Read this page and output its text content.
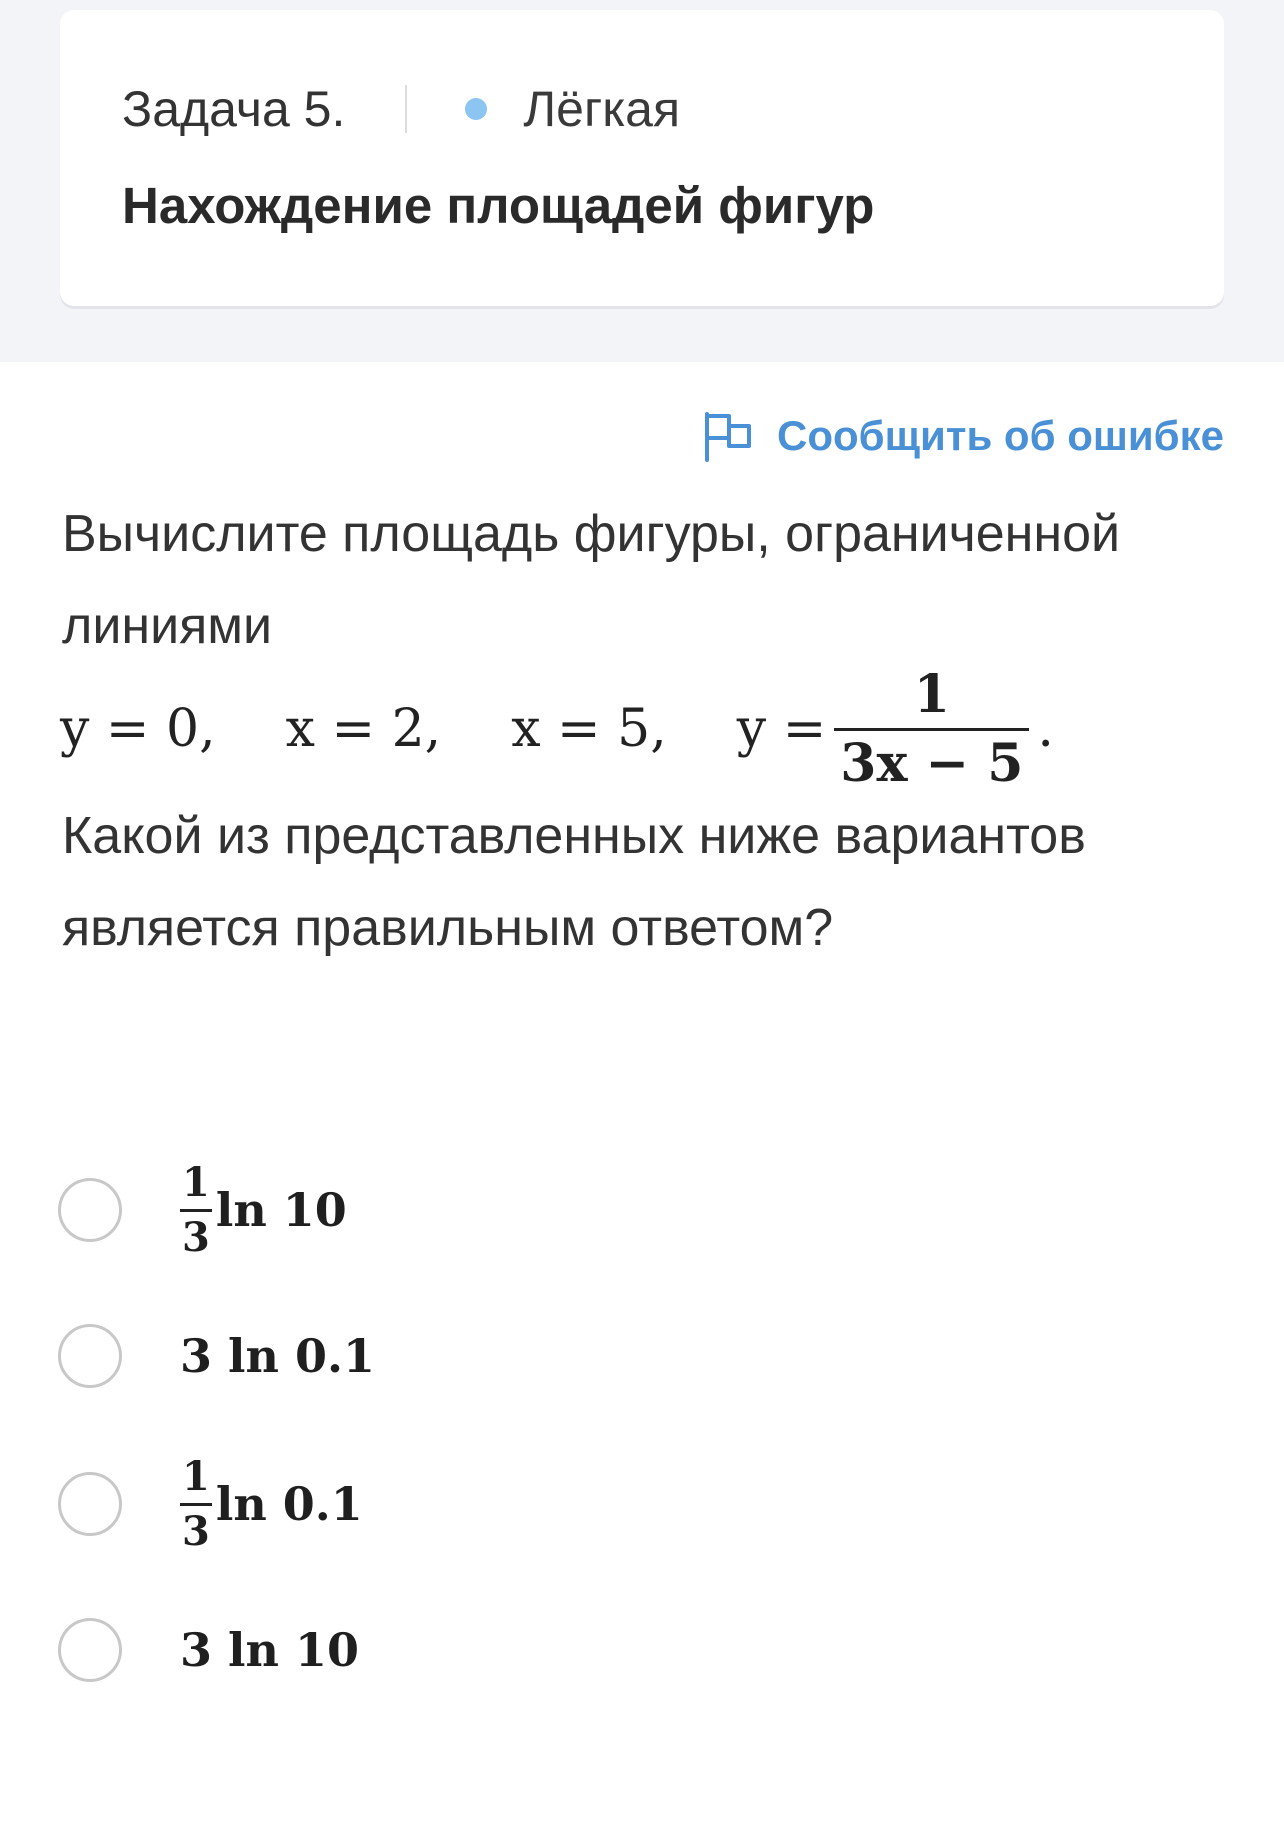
Задача 5.	Лёгкая
Нахождение площадей фигур
Сообщить об ошибке
Вычислите площадь фигуры, ограниченной линиями
y = 0, x = 2, x = 5, $y = \frac{1}{3x - 5}$ .
Какой из представленных ниже вариантов является правильным ответом?
$\frac{1}{3}$ ln 10
3 ln 0.1
$\frac{1}{3}$ ln 0.1
3 ln 10
